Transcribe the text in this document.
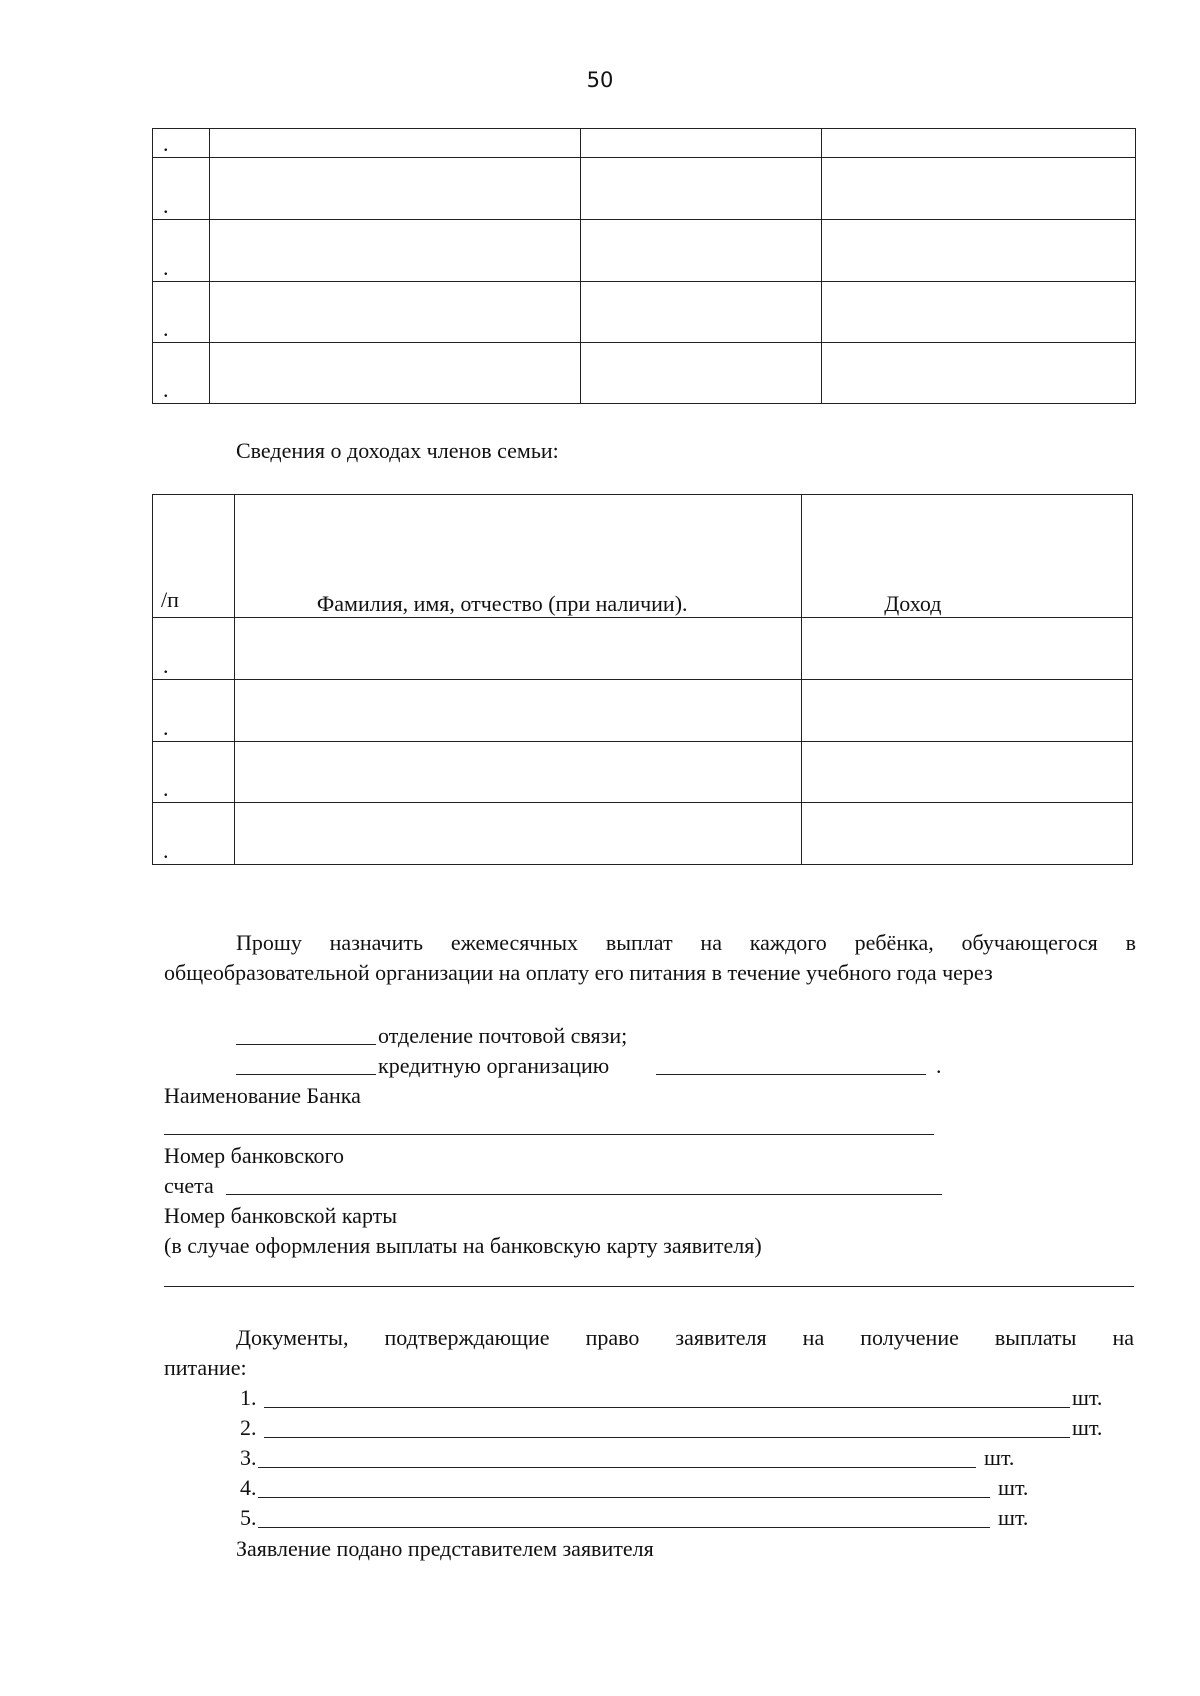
50
.			

.			

.			

.			

.			

Сведения о доходах членов семьи:
/п	Фамилия, имя, отчество (при наличии).	Доход

.		

.		

.		

.		

Прошу назначить ежемесячных выплат на каждого ребёнка, обучающегося в общеобразовательной организации на оплату его питания в течение учебного года через
отделение почтовой связи;
кредитную организацию	.
Наименование Банка
Номер банковского
счета
Номер банковской карты
(в случае оформления выплаты на банковскую карту заявителя)
Документы, подтверждающие право заявителя на получение выплаты на
питание:
1.	шт.
2.	шт.
3.	шт.
4.	шт.
5.	шт.
Заявление подано представителем заявителя
